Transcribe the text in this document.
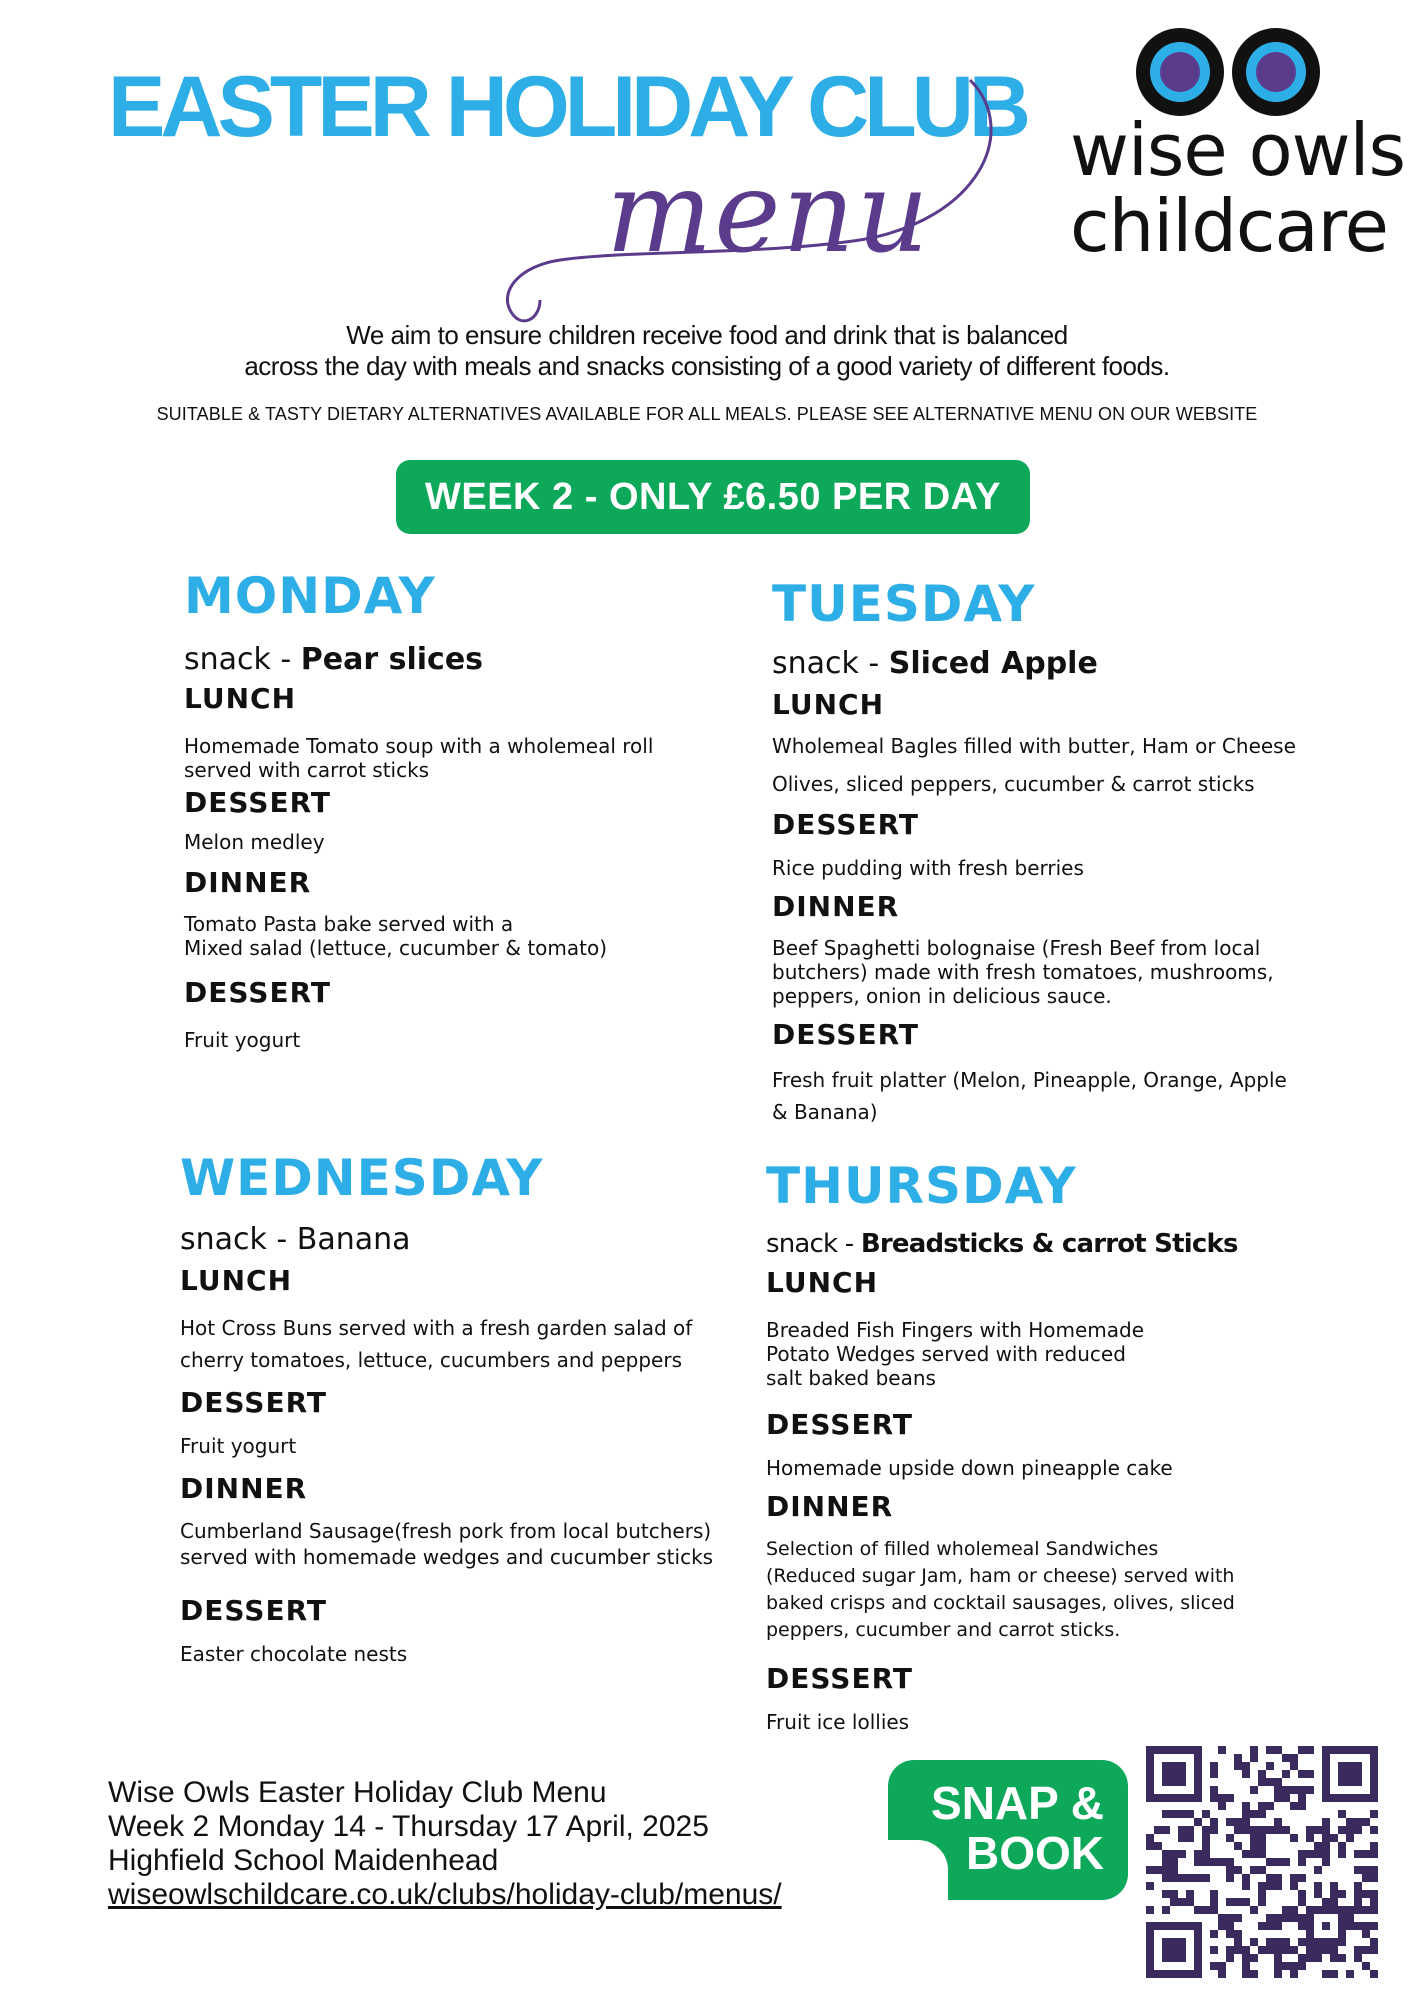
EASTER HOLIDAY CLUB
menu wise owls
childcare
We aim to ensure children receive food and drink that is balanced
across the day with meals and snacks consisting of a good variety of different foods.
SUITABLE & TASTY DIETARY ALTERNATIVES AVAILABLE FOR ALL MEALS. PLEASE SEE ALTERNATIVE MENU ON OUR WEBSITE
WEEK 2 - ONLY £6.50 PER DAY
MONDAY
snack - Pear slices
LUNCH
Homemade Tomato soup with a wholemeal roll
served with carrot sticks
DESSERT
Melon medley
DINNER
Tomato Pasta bake served with a
Mixed salad (lettuce, cucumber & tomato)
DESSERT
Fruit yogurt
TUESDAY
snack - Sliced Apple
LUNCH
Wholemeal Bagles filled with butter, Ham or Cheese
Olives, sliced peppers, cucumber & carrot sticks
DESSERT
Rice pudding with fresh berries
DINNER
Beef Spaghetti bolognaise (Fresh Beef from local
butchers) made with fresh tomatoes, mushrooms,
peppers, onion in delicious sauce.
DESSERT
Fresh fruit platter (Melon, Pineapple, Orange, Apple
& Banana)
WEDNESDAY
snack - Banana
LUNCH
Hot Cross Buns served with a fresh garden salad of
cherry tomatoes, lettuce, cucumbers and peppers
DESSERT
Fruit yogurt
DINNER
Cumberland Sausage(fresh pork from local butchers)
served with homemade wedges and cucumber sticks
DESSERT
Easter chocolate nests
THURSDAY
snack - Breadsticks & carrot Sticks
LUNCH
Breaded Fish Fingers with Homemade
Potato Wedges served with reduced
salt baked beans
DESSERT
Homemade upside down pineapple cake
DINNER
Selection of filled wholemeal Sandwiches
(Reduced sugar Jam, ham or cheese) served with
baked crisps and cocktail sausages, olives, sliced
peppers, cucumber and carrot sticks.
DESSERT
Fruit ice lollies
Wise Owls Easter Holiday Club Menu
Week 2 Monday 14 - Thursday 17 April, 2025
Highfield School Maidenhead
wiseowlschildcare.co.uk/clubs/holiday-club/menus/
SNAP &
BOOK
